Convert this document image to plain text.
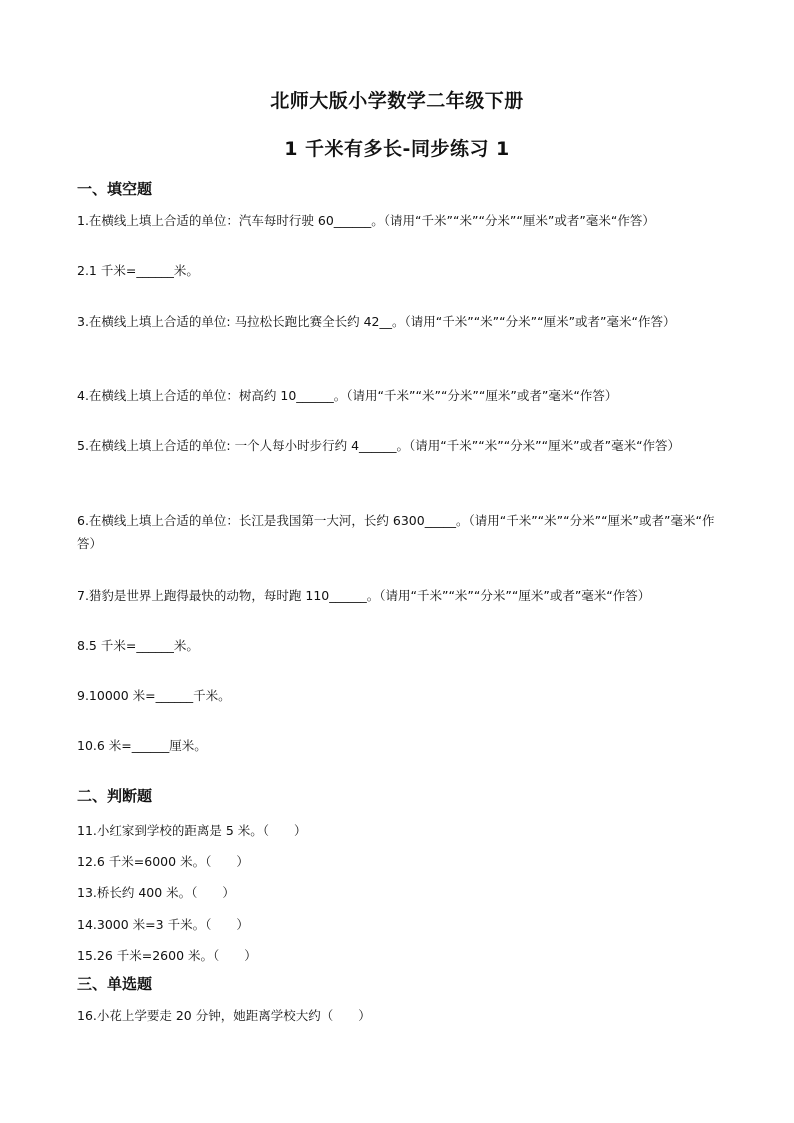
北师大版小学数学二年级下册
1 千米有多长-同步练习 1
一、填空题
1.在横线上填上合适的单位：汽车每时行驶 60______。（请用“千米”“米”“分米”“厘米”或者”毫米“作答）
2.1 千米=______米。
3.在横线上填上合适的单位: 马拉松长跑比赛全长约 42__。（请用“千米”“米”“分米”“厘米”或者”毫米“作答）
4.在横线上填上合适的单位：树高约 10______。（请用“千米”“米”“分米”“厘米”或者”毫米“作答）
5.在横线上填上合适的单位: 一个人每小时步行约 4______。（请用“千米”“米”“分米”“厘米”或者”毫米“作答）
6.在横线上填上合适的单位：长江是我国第一大河，长约 6300_____。（请用“千米”“米”“分米”“厘米”或者”毫米“作答）
7.猎豹是世界上跑得最快的动物，每时跑 110______。（请用“千米”“米”“分米”“厘米”或者”毫米“作答）
8.5 千米=______米。
9.10000 米=______千米。
10.6 米=______厘米。
二、判断题
11.小红家到学校的距离是 5 米。（　　）
12.6 千米=6000 米。（　　）
13.桥长约 400 米。（　　）
14.3000 米=3 千米。（　　）
15.26 千米=2600 米。（　　）
三、单选题
16.小花上学要走 20 分钟，她距离学校大约（　　）
